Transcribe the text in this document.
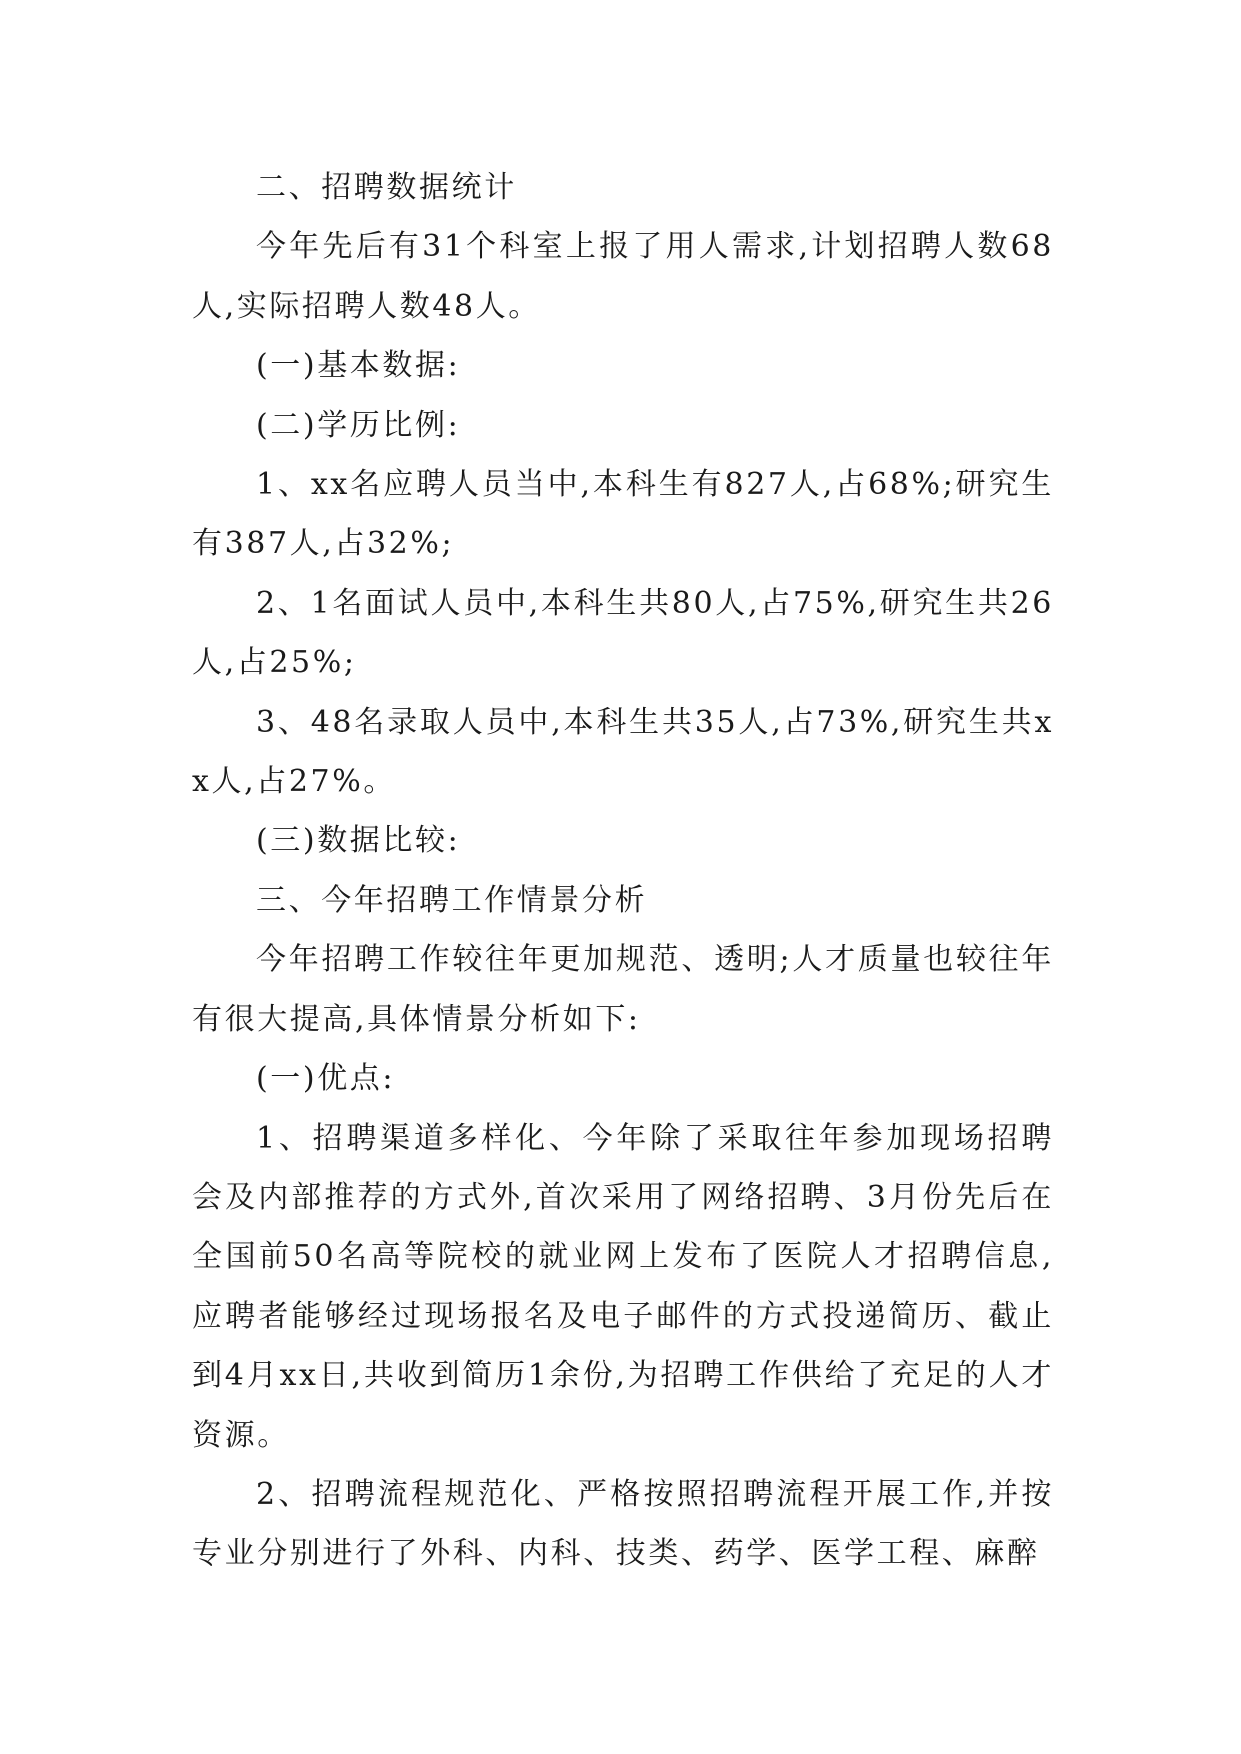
二、招聘数据统计

今年先后有31个科室上报了用人需求,计划招聘人数68人,实际招聘人数48人。

(一)基本数据:

(二)学历比例:

1、xx名应聘人员当中,本科生有827人,占68%;研究生有387人,占32%;

2、1名面试人员中,本科生共80人,占75%,研究生共26人,占25%;

3、48名录取人员中,本科生共35人,占73%,研究生共xx人,占27%。

(三)数据比较:

三、今年招聘工作情景分析

今年招聘工作较往年更加规范、透明;人才质量也较往年有很大提高,具体情景分析如下:

(一)优点:

1、招聘渠道多样化、今年除了采取往年参加现场招聘会及内部推荐的方式外,首次采用了网络招聘、3月份先后在全国前50名高等院校的就业网上发布了医院人才招聘信息,应聘者能够经过现场报名及电子邮件的方式投递简历、截止到4月xx日,共收到简历1余份,为招聘工作供给了充足的人才资源。

2、招聘流程规范化、严格按照招聘流程开展工作,并按专业分别进行了外科、内科、技类、药学、医学工程、麻醉
